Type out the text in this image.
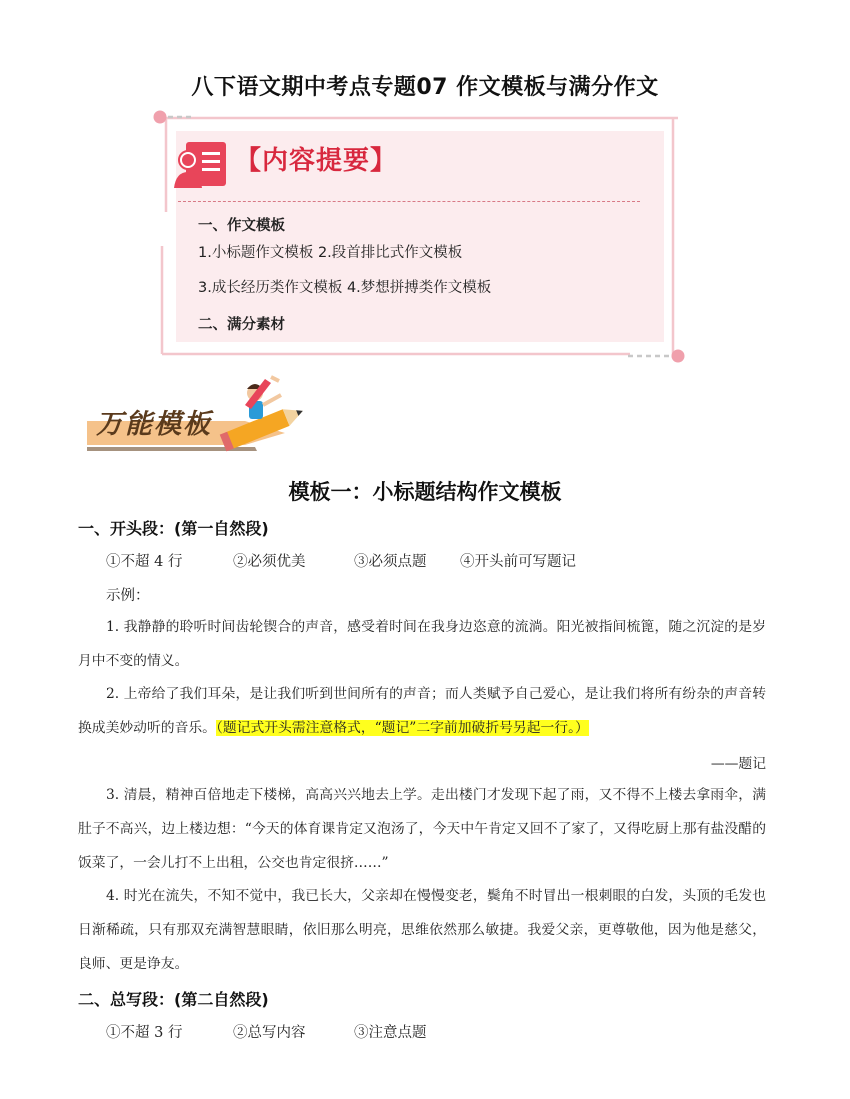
八下语文期中考点专题07 作文模板与满分作文
【内容提要】
一、作文模板
1.小标题作文模板 2.段首排比式作文模板
3.成长经历类作文模板 4.梦想拼搏类作文模板
二、满分素材
万能模板
模板一：小标题结构作文模板
一、开头段：(第一自然段)
①不超 4 行	②必须优美	③必须点题 ④开头前可写题记
示例：

1. 我静静的聆听时间齿轮锲合的声音，感受着时间在我身边恣意的流淌。阳光被指间梳篦，随之沉淀的是岁月中不变的情义。

2. 上帝给了我们耳朵，是让我们听到世间所有的声音；而人类赋予自己爱心，是让我们将所有纷杂的声音转换成美妙动听的音乐。（题记式开头需注意格式，“题记”二字前加破折号另起一行。）

——题记

3. 清晨，精神百倍地走下楼梯，高高兴兴地去上学。走出楼门才发现下起了雨，又不得不上楼去拿雨伞，满肚子不高兴，边上楼边想：“今天的体育课肯定又泡汤了，今天中午肯定又回不了家了，又得吃厨上那有盐没醋的饭菜了，一会儿打不上出租，公交也肯定很挤……”

4. 时光在流失，不知不觉中，我已长大，父亲却在慢慢变老，鬓角不时冒出一根刺眼的白发，头顶的毛发也日渐稀疏，只有那双充满智慧眼睛，依旧那么明亮，思维依然那么敏捷。我爱父亲，更尊敬他，因为他是慈父，良师、更是诤友。

二、总写段：(第二自然段)
①不超 3 行	②总写内容	③注意点题
